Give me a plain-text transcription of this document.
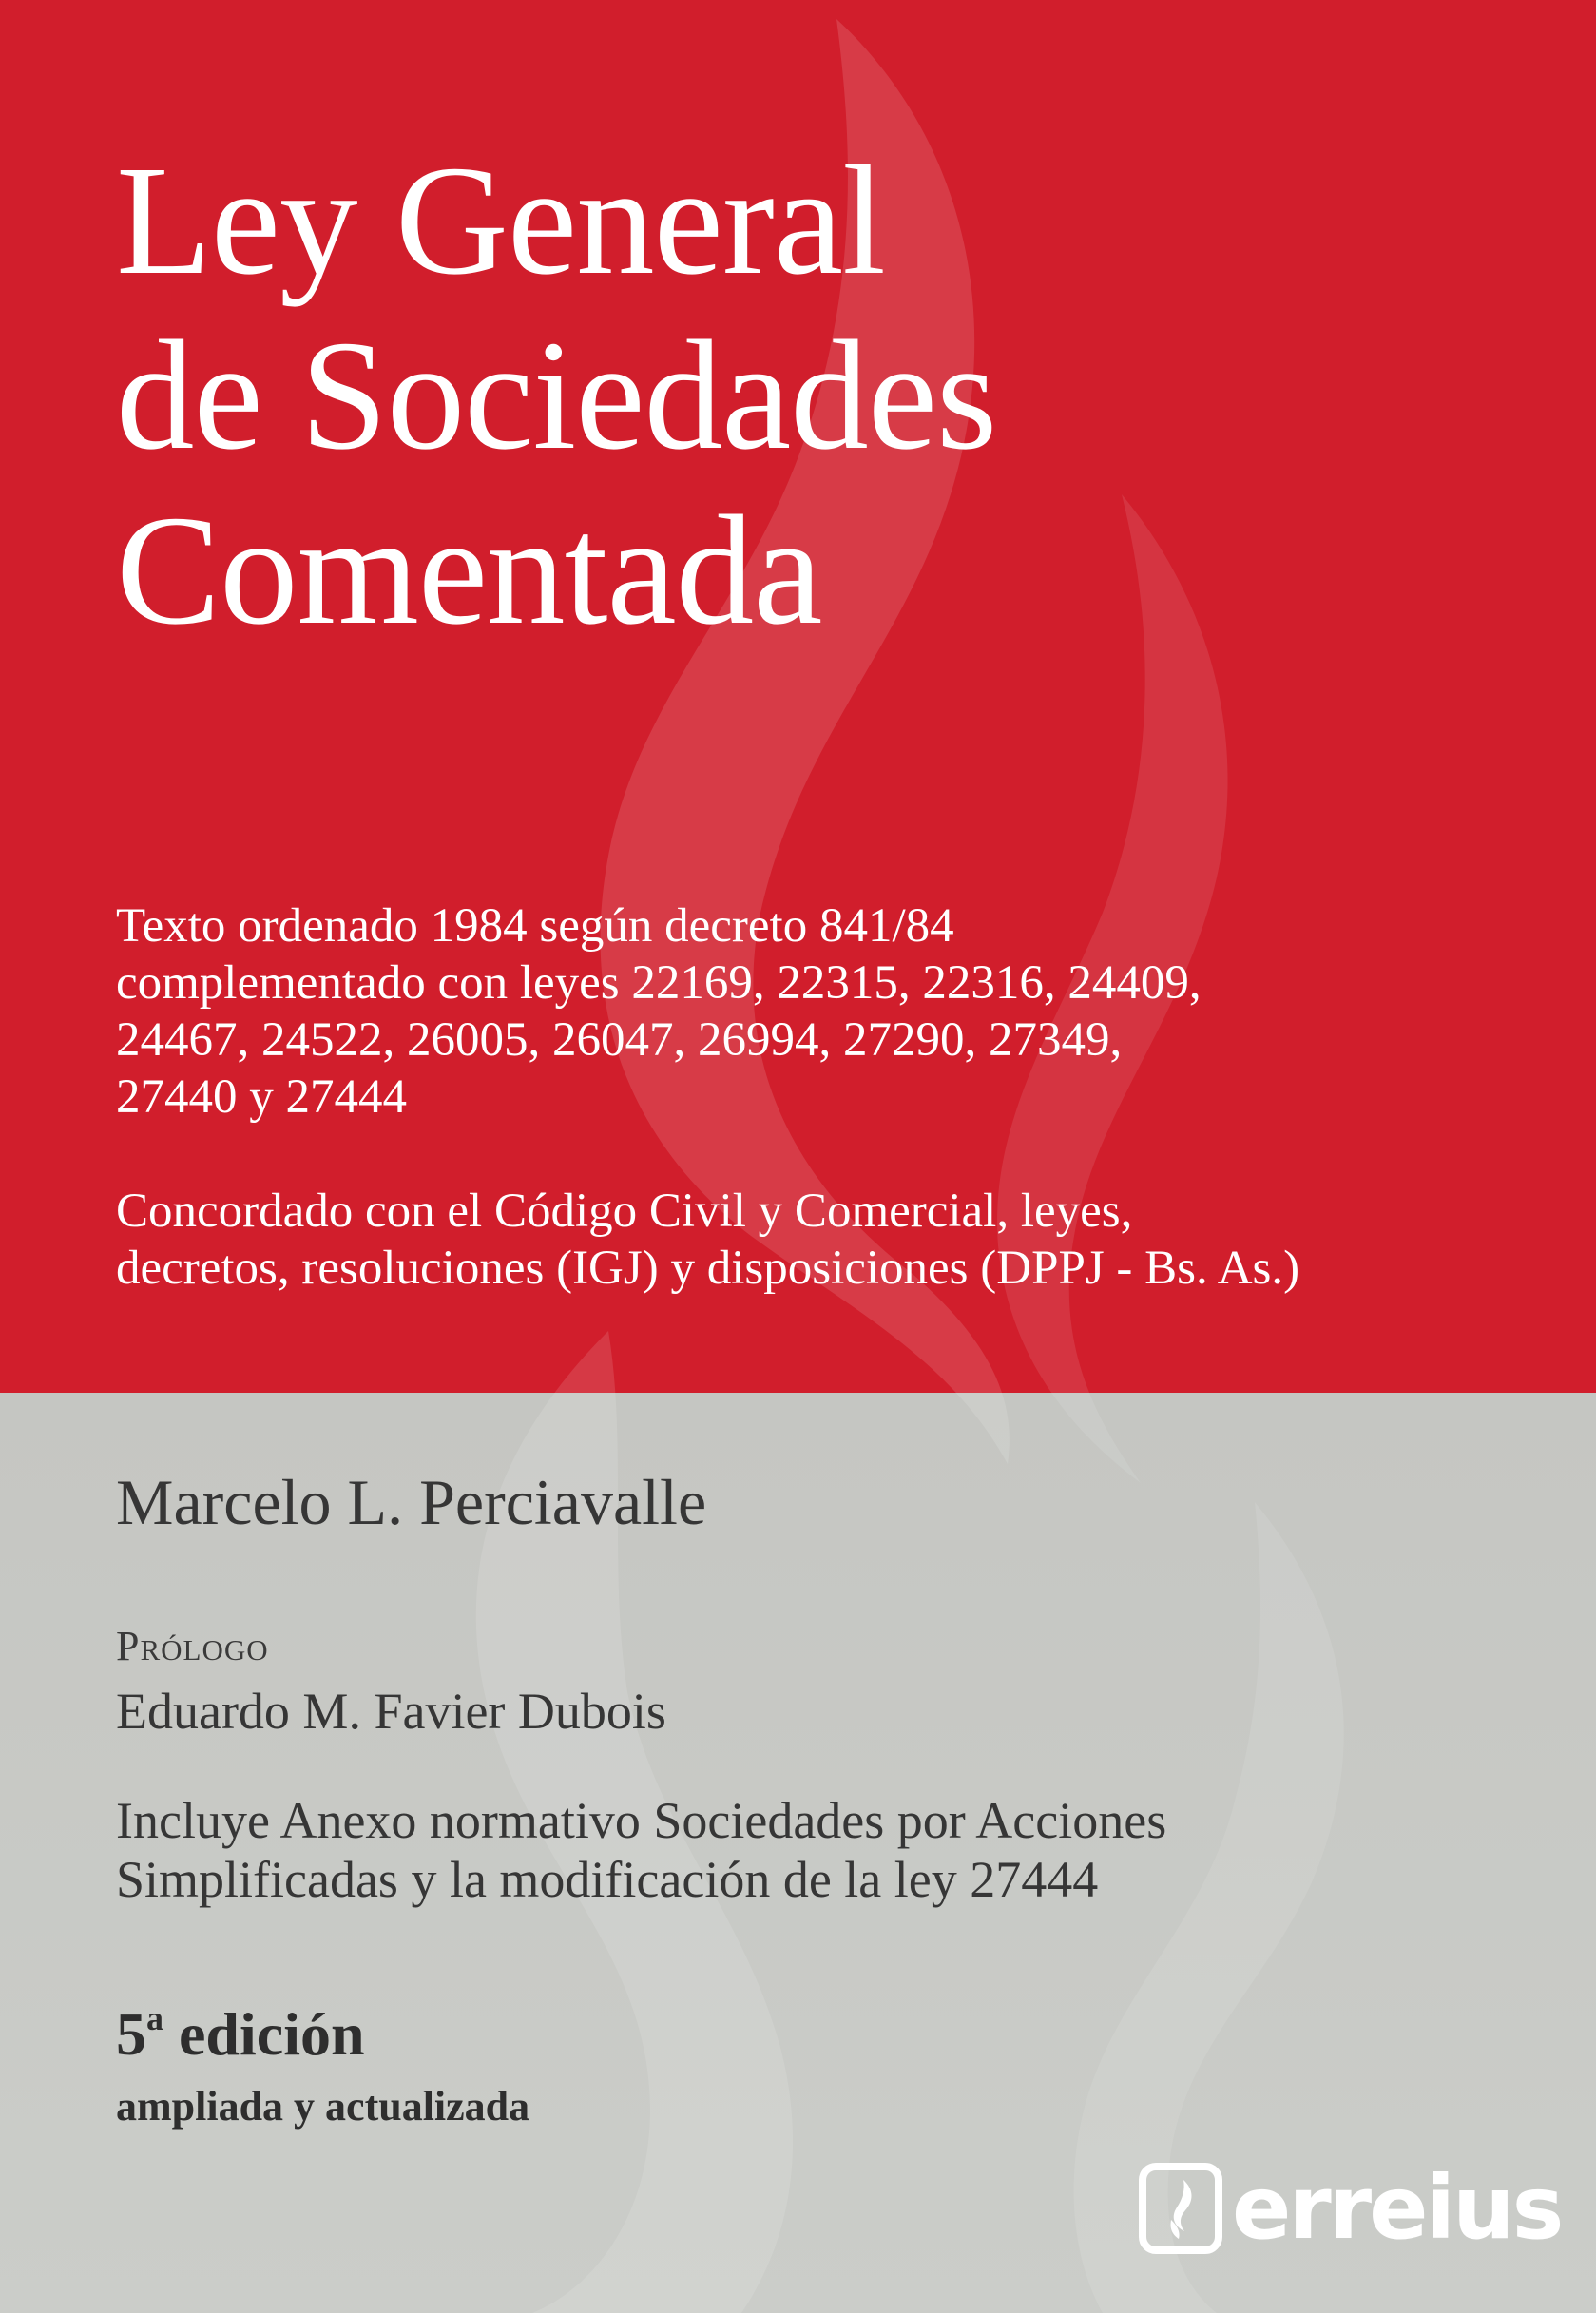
Ley General
de Sociedades
Comentada
Texto ordenado 1984 según decreto 841/84
complementado con leyes 22169, 22315, 22316, 24409,
24467, 24522, 26005, 26047, 26994, 27290, 27349,
27440 y 27444
Concordado con el Código Civil y Comercial, leyes,
decretos, resoluciones (IGJ) y disposiciones (DPPJ - Bs. As.)
Marcelo L. Perciavalle
Prólogo
Eduardo M. Favier Dubois
Incluye Anexo normativo Sociedades por Acciones
Simplificadas y la modificación de la ley 27444
5$^a$ edición
ampliada y actualizada
erreius
